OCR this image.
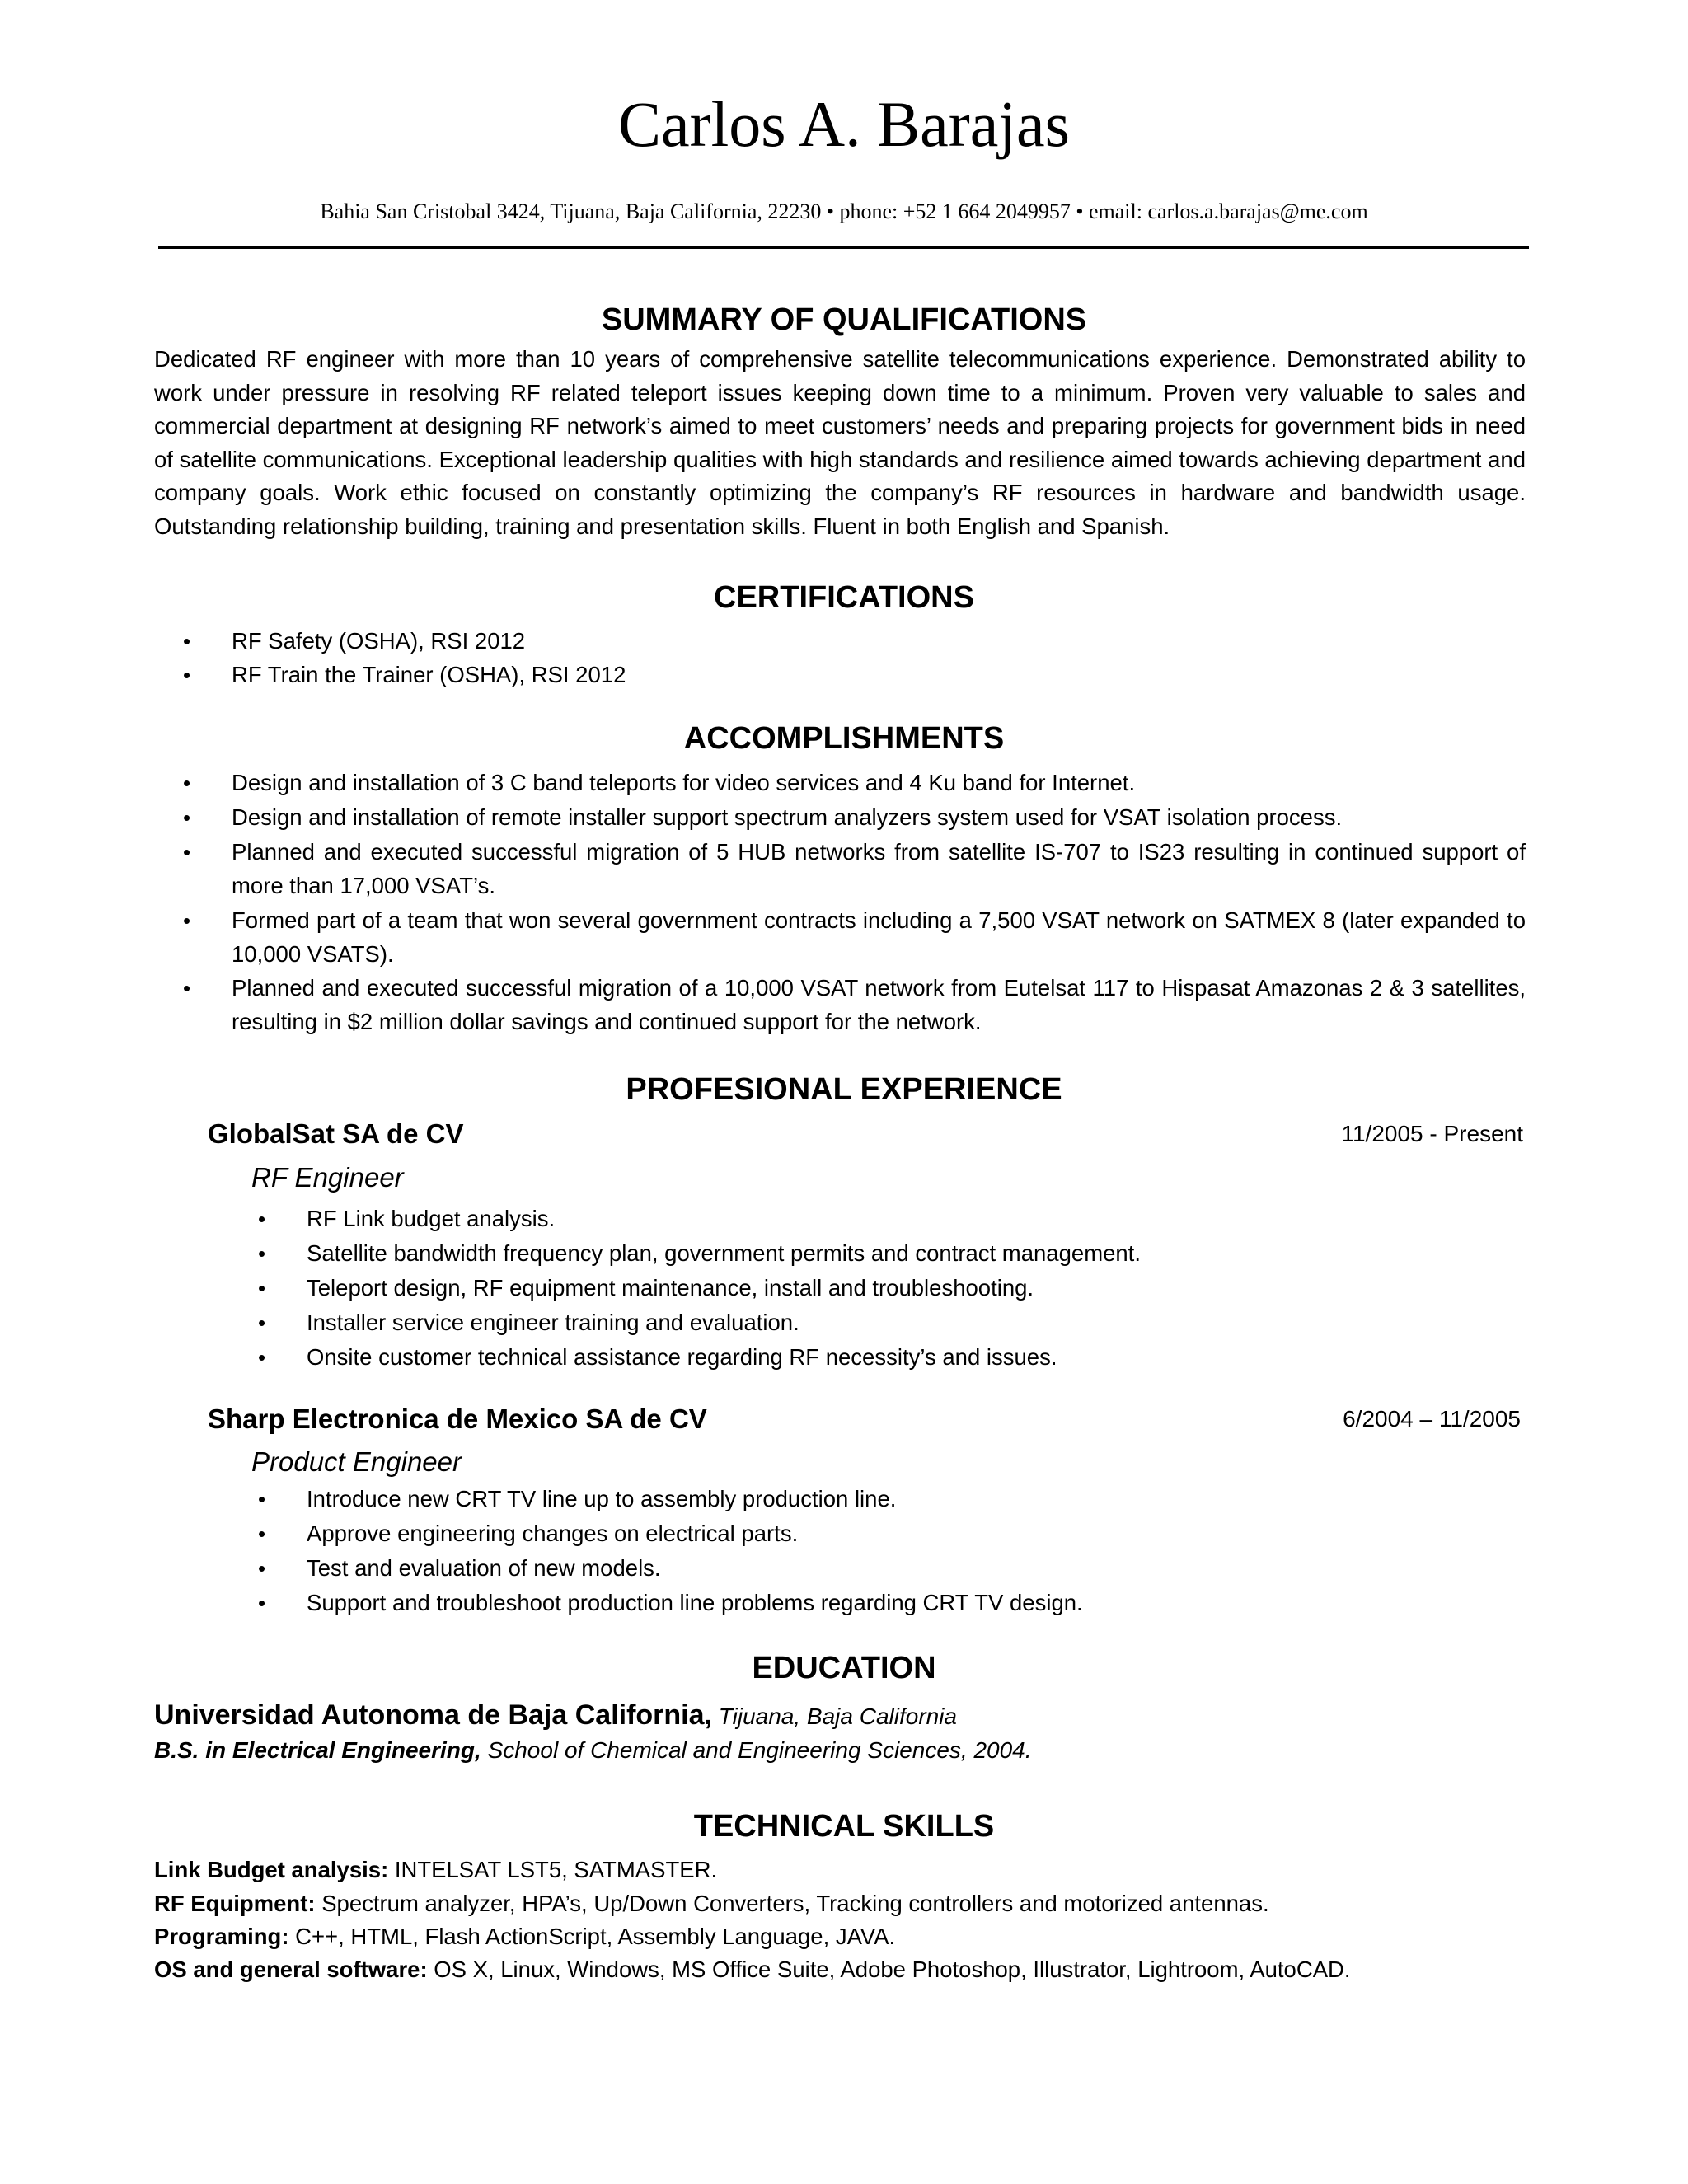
Carlos A. Barajas
Bahia San Cristobal 3424, Tijuana, Baja California, 22230 • phone: +52 1 664 2049957 • email: carlos.a.barajas@me.com
SUMMARY OF QUALIFICATIONS

Dedicated RF engineer with more than 10 years of comprehensive satellite telecommunications experience. Demonstrated ability to work under pressure in resolving RF related teleport issues keeping down time to a minimum. Proven very valuable to sales and commercial department at designing RF network’s aimed to meet customers’ needs and preparing projects for government bids in need of satellite communications. Exceptional leadership qualities with high standards and resilience aimed towards achieving department and company goals. Work ethic focused on constantly optimizing the company’s RF resources in hardware and bandwidth usage. Outstanding relationship building, training and presentation skills. Fluent in both English and Spanish.

CERTIFICATIONS
• RF Safety (OSHA), RSI 2012
• RF Train the Trainer (OSHA), RSI 2012
ACCOMPLISHMENTS
• Design and installation of 3 C band teleports for video services and 4 Ku band for Internet.
• Design and installation of remote installer support spectrum analyzers system used for VSAT isolation process.
• Planned and executed successful migration of 5 HUB networks from satellite IS-707 to IS23 resulting in continued support of more than 17,000 VSAT’s.
• Formed part of a team that won several government contracts including a 7,500 VSAT network on SATMEX 8 (later expanded to 10,000 VSATS).
• Planned and executed successful migration of a 10,000 VSAT network from Eutelsat 117 to Hispasat Amazonas 2 & 3 satellites, resulting in $2 million dollar savings and continued support for the network.
PROFESIONAL EXPERIENCE
GlobalSat SA de CV	11/2005 - Present
RF Engineer
• RF Link budget analysis.
• Satellite bandwidth frequency plan, government permits and contract management.
• Teleport design, RF equipment maintenance, install and troubleshooting.
• Installer service engineer training and evaluation.
• Onsite customer technical assistance regarding RF necessity’s and issues.
Sharp Electronica de Mexico SA de CV	6/2004 – 11/2005
Product Engineer
• Introduce new CRT TV line up to assembly production line.
• Approve engineering changes on electrical parts.
• Test and evaluation of new models.
• Support and troubleshoot production line problems regarding CRT TV design.
EDUCATION
Universidad Autonoma de Baja California, Tijuana, Baja California
B.S. in Electrical Engineering, School of Chemical and Engineering Sciences, 2004.
TECHNICAL SKILLS
Link Budget analysis: INTELSAT LST5, SATMASTER.
RF Equipment: Spectrum analyzer, HPA’s, Up/Down Converters, Tracking controllers and motorized antennas.
Programing: C++, HTML, Flash ActionScript, Assembly Language, JAVA.
OS and general software: OS X, Linux, Windows, MS Office Suite, Adobe Photoshop, Illustrator, Lightroom, AutoCAD.
